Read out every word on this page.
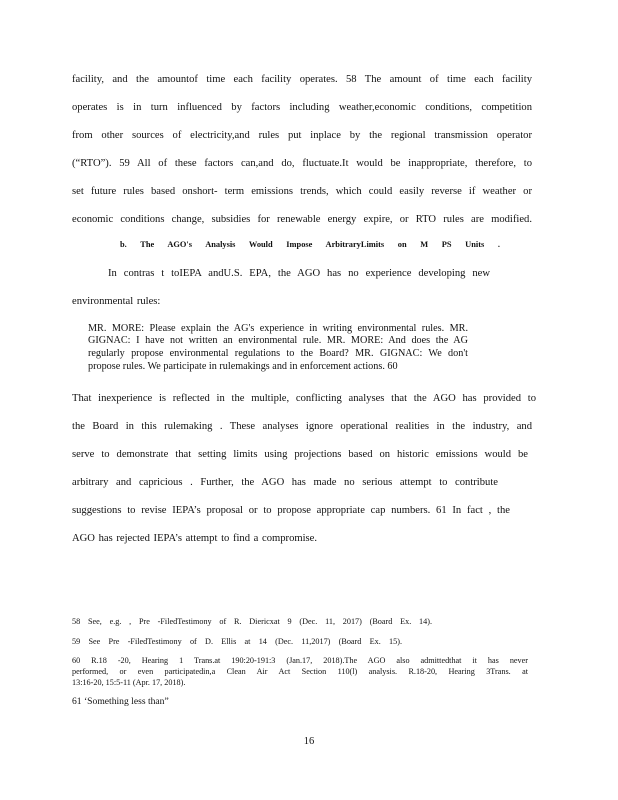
facility, and the amountof time each facility operates. 58 The amount of time each facility
operates is in turn influenced by factors including weather,economic conditions, competition
from other sources of electricity,and rules put inplace by the regional transmission operator
(“RTO”). 59 All of these factors can,and do, fluctuate.It would be inappropriate, therefore, to
set future rules based onshort- term emissions trends, which could easily reverse if weather or
economic conditions change, subsidies for renewable energy expire, or RTO rules are modified.
b. The AGO's Analysis Would Impose ArbitraryLimits on M PS Units .
In contras t toIEPA andU.S. EPA, the AGO has no experience developing new
environmental rules:
MR. MORE: Please explain the AG's experience in writing environmental rules. MR.
GIGNAC: I have not written an environmental rule. MR. MORE: And does the AG
regularly propose environmental regulations to the Board? MR. GIGNAC: We don't
propose rules. We participate in rulemakings and in enforcement actions. 60
That inexperience is reflected in the multiple, conflicting analyses that the AGO has provided to
the Board in this rulemaking . These analyses ignore operational realities in the industry, and
serve to demonstrate that setting limits using projections based on historic emissions would be
arbitrary and capricious . Further, the AGO has made no serious attempt to contribute
suggestions to revise IEPA’s proposal or to propose appropriate cap numbers. 61 In fact , the
AGO has rejected IEPA’s attempt to find a compromise.
58 See, e.g. , Pre -FiledTestimony of R. Diericxat 9 (Dec. 11, 2017) (Board Ex. 14).
59 See Pre -FiledTestimony of D. Ellis at 14 (Dec. 11,2017) (Board Ex. 15).
60 R.18 -20, Hearing 1 Trans.at 190:20-191:3 (Jan.17, 2018).The AGO also admittedthat it has never
performed, or even participatedin,a Clean Air Act Section 110(l) analysis. R.18-20, Hearing 3Trans. at
13:16-20, 15:5-11 (Apr. 17, 2018).
61 ‘Something less than”
16
